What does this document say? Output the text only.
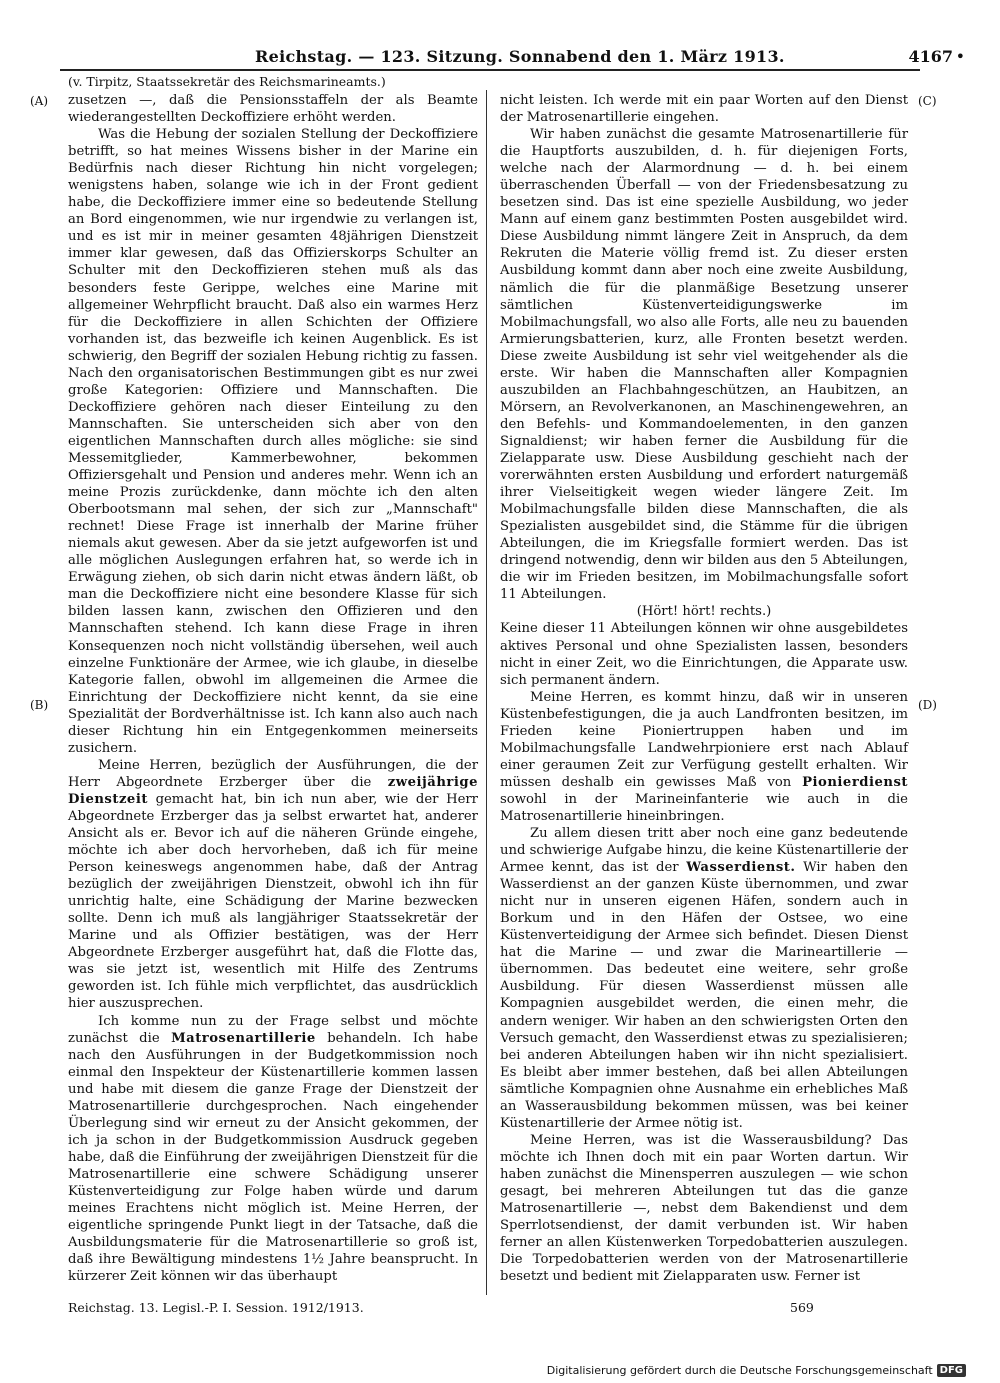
Reichstag. — 123. Sitzung. Sonnabend den 1. März 1913.	4167 •
(v. Tirpitz, Staatssekretär des Reichsmarineamts.)
(A)
(B)
(C)
(D)

zusetzen —, daß die Pensionsstaffeln der als Beamte wiederangestellten Deckoffiziere erhöht werden.

Was die Hebung der sozialen Stellung der Deckoffiziere betrifft, so hat meines Wissens bisher in der Marine ein Bedürfnis nach dieser Richtung hin nicht vorgelegen; wenigstens haben, solange wie ich in der Front gedient habe, die Deckoffiziere immer eine so bedeutende Stellung an Bord eingenommen, wie nur irgendwie zu verlangen ist, und es ist mir in meiner gesamten 48jährigen Dienstzeit immer klar gewesen, daß das Offizierskorps Schulter an Schulter mit den Deckoffizieren stehen muß als das besonders feste Gerippe, welches eine Marine mit allgemeiner Wehrpflicht braucht. Daß also ein warmes Herz für die Deckoffiziere in allen Schichten der Offiziere vorhanden ist, das bezweifle ich keinen Augenblick. Es ist schwierig, den Begriff der sozialen Hebung richtig zu fassen. Nach den organisatorischen Bestimmungen gibt es nur zwei große Kategorien: Offiziere und Mannschaften. Die Deckoffiziere gehören nach dieser Einteilung zu den Mannschaften. Sie unterscheiden sich aber von den eigentlichen Mannschaften durch alles mögliche: sie sind Messemitglieder, Kammerbewohner, bekommen Offiziersgehalt und Pension und anderes mehr. Wenn ich an meine Prozis zurückdenke, dann möchte ich den alten Oberbootsmann mal sehen, der sich zur „Mannschaft" rechnet! Diese Frage ist innerhalb der Marine früher niemals akut gewesen. Aber da sie jetzt aufgeworfen ist und alle möglichen Auslegungen erfahren hat, so werde ich in Erwägung ziehen, ob sich darin nicht etwas ändern läßt, ob man die Deckoffiziere nicht eine besondere Klasse für sich bilden lassen kann, zwischen den Offizieren und den Mannschaften stehend. Ich kann diese Frage in ihren Konsequenzen noch nicht vollständig übersehen, weil auch einzelne Funktionäre der Armee, wie ich glaube, in dieselbe Kategorie fallen, obwohl im allgemeinen die Armee die Einrichtung der Deckoffiziere nicht kennt, da sie eine Spezialität der Bordverhältnisse ist. Ich kann also auch nach dieser Richtung hin ein Entgegenkommen meinerseits zusichern.

Meine Herren, bezüglich der Ausführungen, die der Herr Abgeordnete Erzberger über die zweijährige Dienstzeit gemacht hat, bin ich nun aber, wie der Herr Abgeordnete Erzberger das ja selbst erwartet hat, anderer Ansicht als er. Bevor ich auf die näheren Gründe eingehe, möchte ich aber doch hervorheben, daß ich für meine Person keineswegs angenommen habe, daß der Antrag bezüglich der zweijährigen Dienstzeit, obwohl ich ihn für unrichtig halte, eine Schädigung der Marine bezwecken sollte. Denn ich muß als langjähriger Staatssekretär der Marine und als Offizier bestätigen, was der Herr Abgeordnete Erzberger ausgeführt hat, daß die Flotte das, was sie jetzt ist, wesentlich mit Hilfe des Zentrums geworden ist. Ich fühle mich verpflichtet, das ausdrücklich hier auszusprechen.

Ich komme nun zu der Frage selbst und möchte zunächst die Matrosenartillerie behandeln. Ich habe nach den Ausführungen in der Budgetkommission noch einmal den Inspekteur der Küstenartillerie kommen lassen und habe mit diesem die ganze Frage der Dienstzeit der Matrosenartillerie durchgesprochen. Nach eingehender Überlegung sind wir erneut zu der Ansicht gekommen, der ich ja schon in der Budgetkommission Ausdruck gegeben habe, daß die Einführung der zweijährigen Dienstzeit für die Matrosenartillerie eine schwere Schädigung unserer Küstenverteidigung zur Folge haben würde und darum meines Erachtens nicht möglich ist. Meine Herren, der eigentliche springende Punkt liegt in der Tatsache, daß die Ausbildungsmaterie für die Matrosenartillerie so groß ist, daß ihre Bewältigung mindestens 1½ Jahre beansprucht. In kürzerer Zeit können wir das überhaupt

nicht leisten. Ich werde mit ein paar Worten auf den Dienst der Matrosenartillerie eingehen.

Wir haben zunächst die gesamte Matrosenartillerie für die Hauptforts auszubilden, d. h. für diejenigen Forts, welche nach der Alarmordnung — d. h. bei einem überraschenden Überfall — von der Friedensbesatzung zu besetzen sind. Das ist eine spezielle Ausbildung, wo jeder Mann auf einem ganz bestimmten Posten ausgebildet wird. Diese Ausbildung nimmt längere Zeit in Anspruch, da dem Rekruten die Materie völlig fremd ist. Zu dieser ersten Ausbildung kommt dann aber noch eine zweite Ausbildung, nämlich die für die planmäßige Besetzung unserer sämtlichen Küstenverteidigungswerke im Mobilmachungsfall, wo also alle Forts, alle neu zu bauenden Armierungsbatterien, kurz, alle Fronten besetzt werden. Diese zweite Ausbildung ist sehr viel weitgehender als die erste. Wir haben die Mannschaften aller Kompagnien auszubilden an Flachbahngeschützen, an Haubitzen, an Mörsern, an Revolverkanonen, an Maschinengewehren, an den Befehls- und Kommandoelementen, in den ganzen Signaldienst; wir haben ferner die Ausbildung für die Zielapparate usw. Diese Ausbildung geschieht nach der vorerwähnten ersten Ausbildung und erfordert naturgemäß ihrer Vielseitigkeit wegen wieder längere Zeit. Im Mobilmachungsfalle bilden diese Mannschaften, die als Spezialisten ausgebildet sind, die Stämme für die übrigen Abteilungen, die im Kriegsfalle formiert werden. Das ist dringend notwendig, denn wir bilden aus den 5 Abteilungen, die wir im Frieden besitzen, im Mobilmachungsfalle sofort 11 Abteilungen.

(Hört! hört! rechts.)

Keine dieser 11 Abteilungen können wir ohne ausgebildetes aktives Personal und ohne Spezialisten lassen, besonders nicht in einer Zeit, wo die Einrichtungen, die Apparate usw. sich permanent ändern.

Meine Herren, es kommt hinzu, daß wir in unseren Küstenbefestigungen, die ja auch Landfronten besitzen, im Frieden keine Pioniertruppen haben und im Mobilmachungsfalle Landwehrpioniere erst nach Ablauf einer geraumen Zeit zur Verfügung gestellt erhalten. Wir müssen deshalb ein gewisses Maß von Pionierdienst sowohl in der Marineinfanterie wie auch in die Matrosenartillerie hineinbringen.

Zu allem diesen tritt aber noch eine ganz bedeutende und schwierige Aufgabe hinzu, die keine Küstenartillerie der Armee kennt, das ist der Wasserdienst. Wir haben den Wasserdienst an der ganzen Küste übernommen, und zwar nicht nur in unseren eigenen Häfen, sondern auch in Borkum und in den Häfen der Ostsee, wo eine Küstenverteidigung der Armee sich befindet. Diesen Dienst hat die Marine — und zwar die Marineartillerie — übernommen. Das bedeutet eine weitere, sehr große Ausbildung. Für diesen Wasserdienst müssen alle Kompagnien ausgebildet werden, die einen mehr, die andern weniger. Wir haben an den schwierigsten Orten den Versuch gemacht, den Wasserdienst etwas zu spezialisieren; bei anderen Abteilungen haben wir ihn nicht spezialisiert. Es bleibt aber immer bestehen, daß bei allen Abteilungen sämtliche Kompagnien ohne Ausnahme ein erhebliches Maß an Wasserausbildung bekommen müssen, was bei keiner Küstenartillerie der Armee nötig ist.

Meine Herren, was ist die Wasserausbildung? Das möchte ich Ihnen doch mit ein paar Worten dartun. Wir haben zunächst die Minensperren auszulegen — wie schon gesagt, bei mehreren Abteilungen tut das die ganze Matrosenartillerie —, nebst dem Bakendienst und dem Sperrlotsendienst, der damit verbunden ist. Wir haben ferner an allen Küstenwerken Torpedobatterien auszulegen. Die Torpedobatterien werden von der Matrosenartillerie besetzt und bedient mit Zielapparaten usw. Ferner ist

Reichstag. 13. Legisl.-P. I. Session. 1912/1913.	569
Digitalisierung gefördert durch die Deutsche Forschungsgemeinschaft DFG
